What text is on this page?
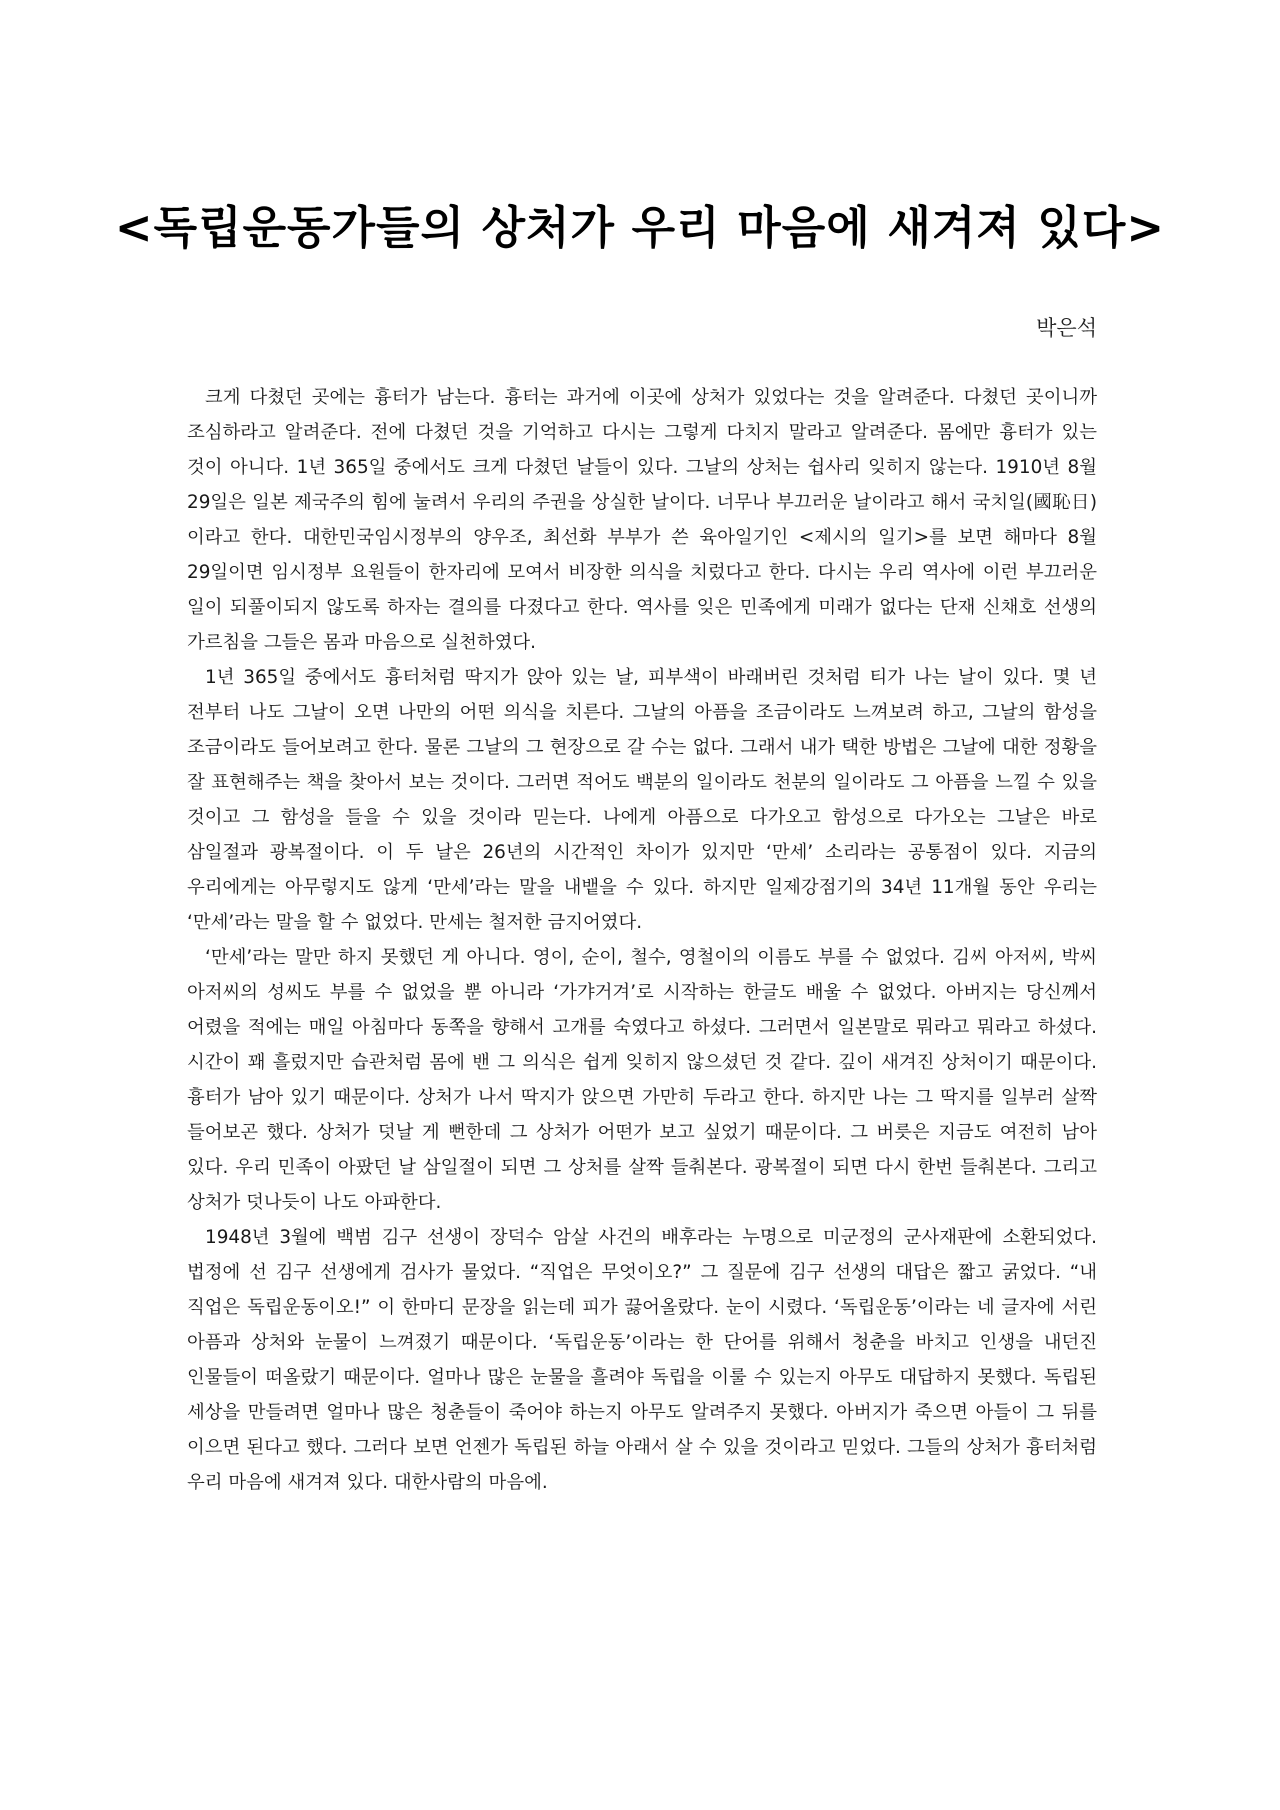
<독립운동가들의 상처가 우리 마음에 새겨져 있다>
박은석

크게 다쳤던 곳에는 흉터가 남는다. 흉터는 과거에 이곳에 상처가 있었다는 것을 알려준다. 다쳤던 곳이니까 조심하라고 알려준다. 전에 다쳤던 것을 기억하고 다시는 그렇게 다치지 말라고 알려준다. 몸에만 흉터가 있는 것이 아니다. 1년 365일 중에서도 크게 다쳤던 날들이 있다. 그날의 상처는 쉽사리 잊히지 않는다. 1910년 8월 29일은 일본 제국주의 힘에 눌려서 우리의 주권을 상실한 날이다. 너무나 부끄러운 날이라고 해서 국치일(國恥日)이라고 한다. 대한민국임시정부의 양우조, 최선화 부부가 쓴 육아일기인 <제시의 일기>를 보면 해마다 8월 29일이면 임시정부 요원들이 한자리에 모여서 비장한 의식을 치렀다고 한다. 다시는 우리 역사에 이런 부끄러운 일이 되풀이되지 않도록 하자는 결의를 다졌다고 한다. 역사를 잊은 민족에게 미래가 없다는 단재 신채호 선생의 가르침을 그들은 몸과 마음으로 실천하였다.

1년 365일 중에서도 흉터처럼 딱지가 앉아 있는 날, 피부색이 바래버린 것처럼 티가 나는 날이 있다. 몇 년 전부터 나도 그날이 오면 나만의 어떤 의식을 치른다. 그날의 아픔을 조금이라도 느껴보려 하고, 그날의 함성을 조금이라도 들어보려고 한다. 물론 그날의 그 현장으로 갈 수는 없다. 그래서 내가 택한 방법은 그날에 대한 정황을 잘 표현해주는 책을 찾아서 보는 것이다. 그러면 적어도 백분의 일이라도 천분의 일이라도 그 아픔을 느낄 수 있을 것이고 그 함성을 들을 수 있을 것이라 믿는다. 나에게 아픔으로 다가오고 함성으로 다가오는 그날은 바로 삼일절과 광복절이다. 이 두 날은 26년의 시간적인 차이가 있지만 ‘만세’ 소리라는 공통점이 있다. 지금의 우리에게는 아무렇지도 않게 ‘만세’라는 말을 내뱉을 수 있다. 하지만 일제강점기의 34년 11개월 동안 우리는 ‘만세’라는 말을 할 수 없었다. 만세는 철저한 금지어였다.

‘만세’라는 말만 하지 못했던 게 아니다. 영이, 순이, 철수, 영철이의 이름도 부를 수 없었다. 김씨 아저씨, 박씨 아저씨의 성씨도 부를 수 없었을 뿐 아니라 ‘가갸거겨’로 시작하는 한글도 배울 수 없었다. 아버지는 당신께서 어렸을 적에는 매일 아침마다 동쪽을 향해서 고개를 숙였다고 하셨다. 그러면서 일본말로 뭐라고 뭐라고 하셨다. 시간이 꽤 흘렀지만 습관처럼 몸에 밴 그 의식은 쉽게 잊히지 않으셨던 것 같다. 깊이 새겨진 상처이기 때문이다. 흉터가 남아 있기 때문이다. 상처가 나서 딱지가 앉으면 가만히 두라고 한다. 하지만 나는 그 딱지를 일부러 살짝 들어보곤 했다. 상처가 덧날 게 뻔한데 그 상처가 어떤가 보고 싶었기 때문이다. 그 버릇은 지금도 여전히 남아 있다. 우리 민족이 아팠던 날 삼일절이 되면 그 상처를 살짝 들춰본다. 광복절이 되면 다시 한번 들춰본다. 그리고 상처가 덧나듯이 나도 아파한다.

1948년 3월에 백범 김구 선생이 장덕수 암살 사건의 배후라는 누명으로 미군정의 군사재판에 소환되었다. 법정에 선 김구 선생에게 검사가 물었다. “직업은 무엇이오?” 그 질문에 김구 선생의 대답은 짧고 굵었다. “내 직업은 독립운동이오!” 이 한마디 문장을 읽는데 피가 끓어올랐다. 눈이 시렸다. ‘독립운동’이라는 네 글자에 서린 아픔과 상처와 눈물이 느껴졌기 때문이다. ‘독립운동’이라는 한 단어를 위해서 청춘을 바치고 인생을 내던진 인물들이 떠올랐기 때문이다. 얼마나 많은 눈물을 흘려야 독립을 이룰 수 있는지 아무도 대답하지 못했다. 독립된 세상을 만들려면 얼마나 많은 청춘들이 죽어야 하는지 아무도 알려주지 못했다. 아버지가 죽으면 아들이 그 뒤를 이으면 된다고 했다. 그러다 보면 언젠가 독립된 하늘 아래서 살 수 있을 것이라고 믿었다. 그들의 상처가 흉터처럼 우리 마음에 새겨져 있다. 대한사람의 마음에.
